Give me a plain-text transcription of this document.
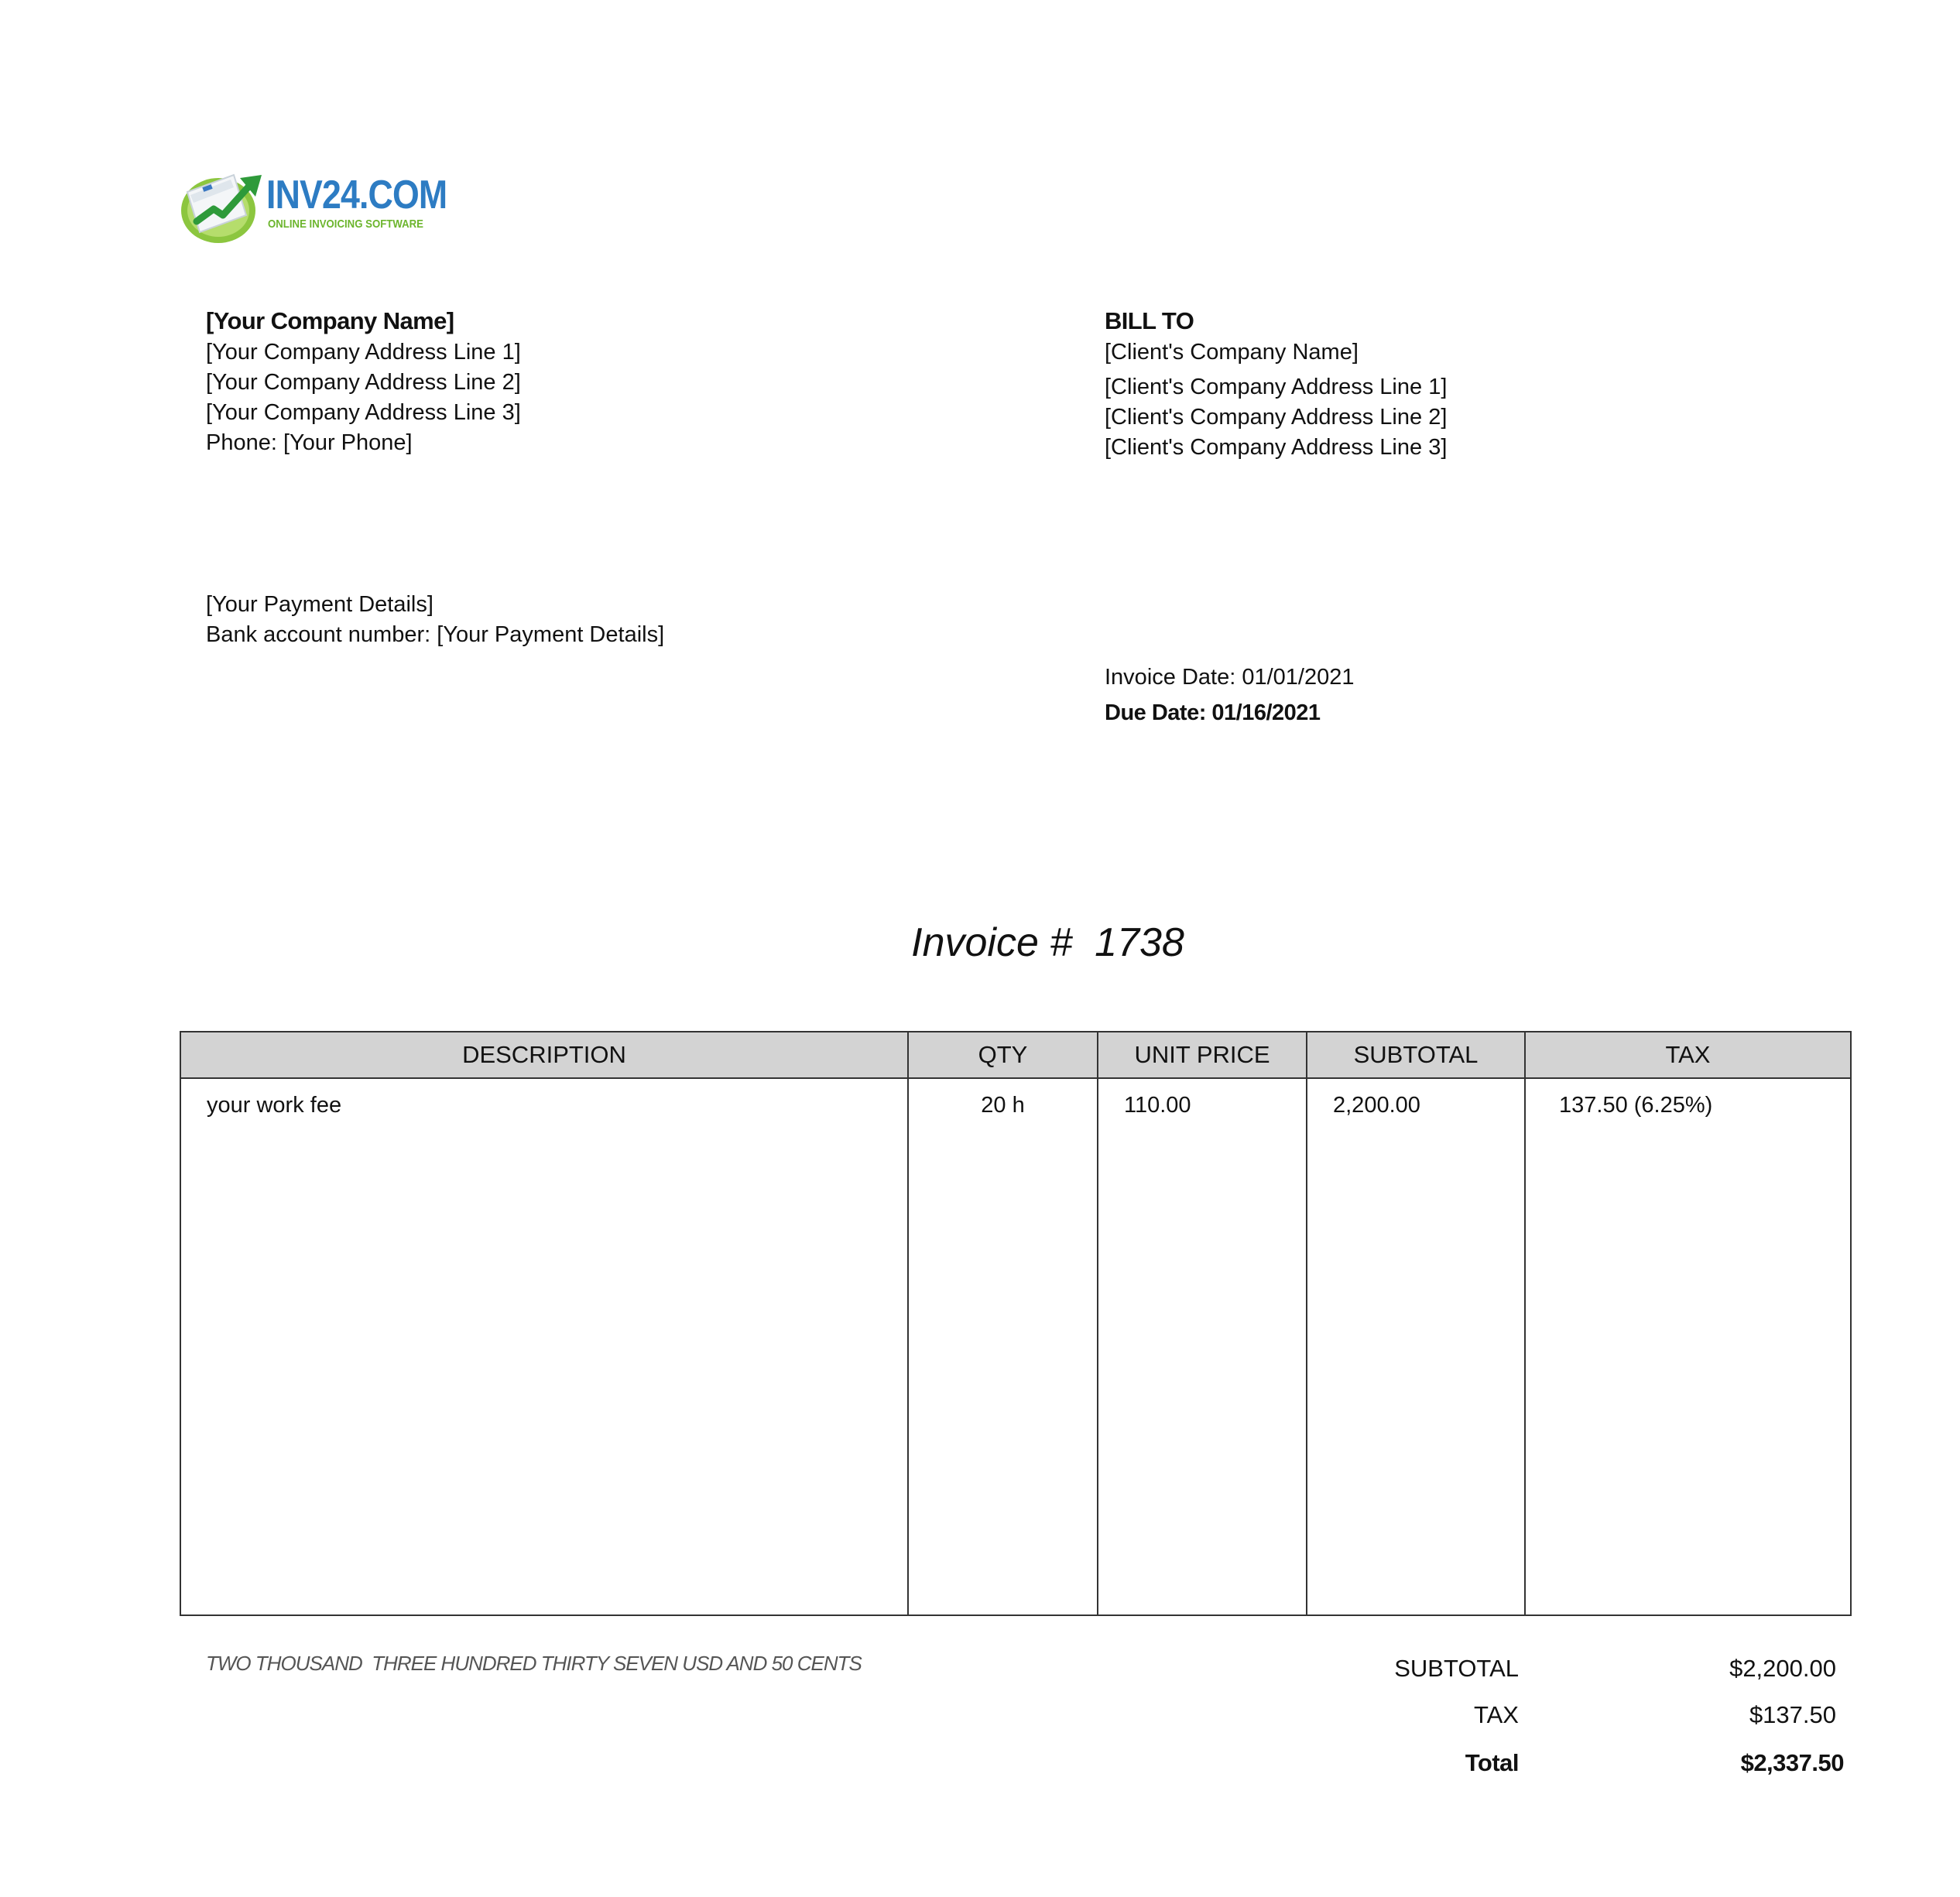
INV24.COM
ONLINE INVOICING SOFTWARE
[Your Company Name]
[Your Company Address Line 1]
[Your Company Address Line 2]
[Your Company Address Line 3]
Phone: [Your Phone]
BILL TO
[Client's Company Name]
[Client's Company Address Line 1]
[Client's Company Address Line 2]
[Client's Company Address Line 3]
[Your Payment Details]
Bank account number: [Your Payment Details]
Invoice Date: 01/01/2021
Due Date: 01/16/2021
Invoice # 1738
DESCRIPTION	QTY	UNIT PRICE	SUBTOTAL	TAX
your work fee	20 h	110.00	2,200.00	137.50 (6.25%)
TWO THOUSAND  THREE HUNDRED THIRTY SEVEN USD AND 50 CENTS	SUBTOTAL	$2,200.00
TAX	$137.50
Total	$2,337.50
